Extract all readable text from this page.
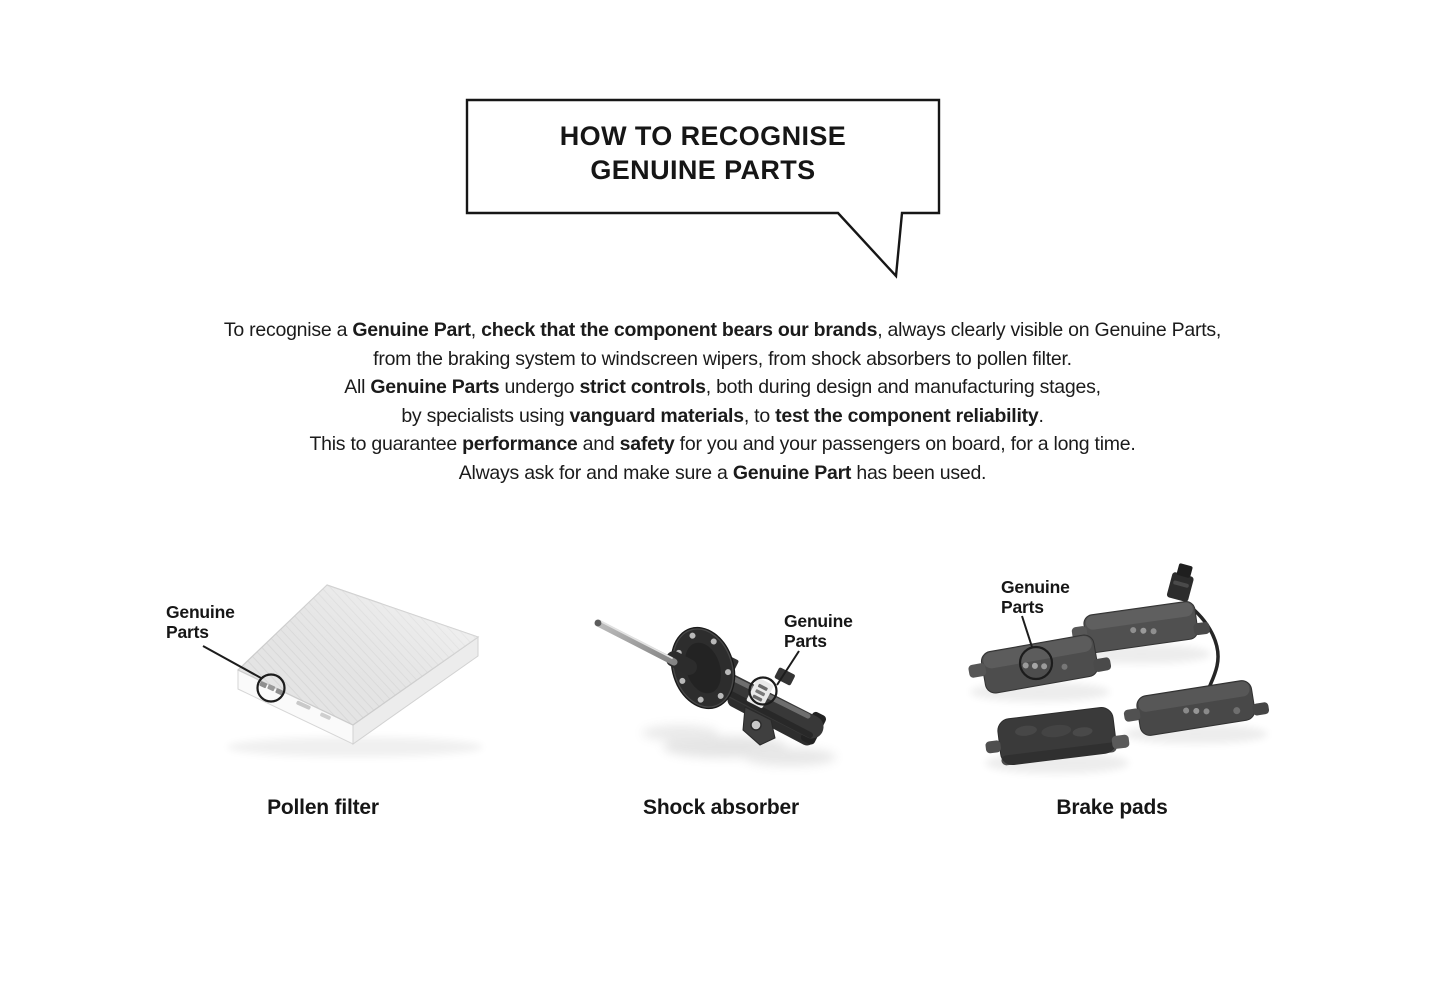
HOW TO RECOGNISE
GENUINE PARTS
To recognise a Genuine Part, check that the component bears our brands, always clearly visible on Genuine Parts,
from the braking system to windscreen wipers, from shock absorbers to pollen filter.
All Genuine Parts undergo strict controls, both during design and manufacturing stages,
by specialists using vanguard materials, to test the component reliability.
This to guarantee performance and safety for you and your passengers on board, for a long time.
Always ask for and make sure a Genuine Part has been used.
Genuine Parts
Pollen filter
Genuine Parts
Shock absorber
Genuine Parts
Brake pads
